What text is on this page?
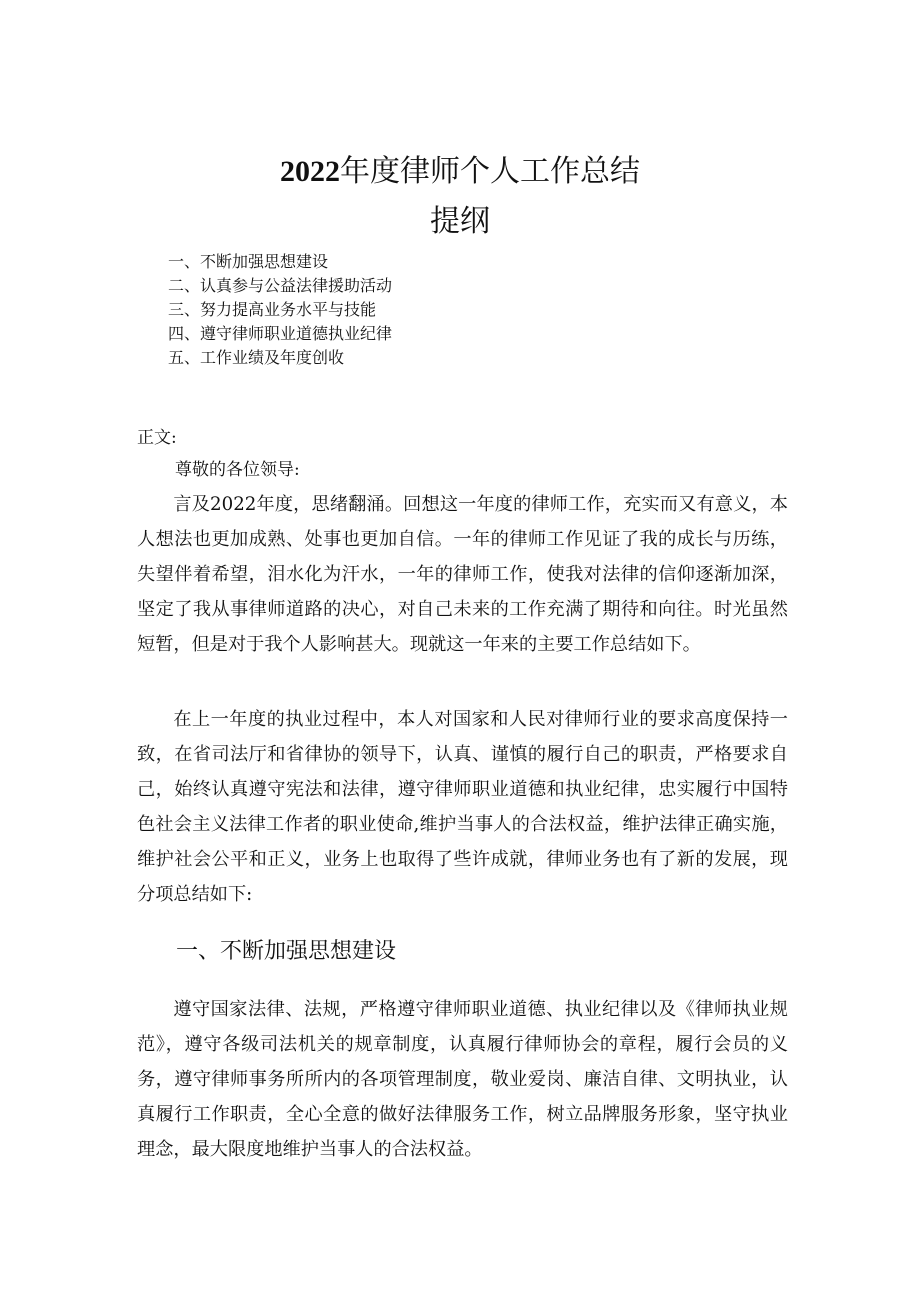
2022年度律师个人工作总结
提纲
一、不断加强思想建设
二、认真参与公益法律援助活动
三、努力提高业务水平与技能
四、遵守律师职业道德执业纪律
五、工作业绩及年度创收
正文:
尊敬的各位领导:

言及2022年度，思绪翻涌。回想这一年度的律师工作，充实而又有意义，本人想法也更加成熟、处事也更加自信。一年的律师工作见证了我的成长与历练，失望伴着希望，泪水化为汗水，一年的律师工作，使我对法律的信仰逐渐加深，坚定了我从事律师道路的决心，对自己未来的工作充满了期待和向往。时光虽然短暂，但是对于我个人影响甚大。现就这一年来的主要工作总结如下。

在上一年度的执业过程中，本人对国家和人民对律师行业的要求高度保持一致，在省司法厅和省律协的领导下，认真、谨慎的履行自己的职责，严格要求自己，始终认真遵守宪法和法律，遵守律师职业道德和执业纪律，忠实履行中国特色社会主义法律工作者的职业使命,维护当事人的合法权益，维护法律正确实施，维护社会公平和正义，业务上也取得了些许成就，律师业务也有了新的发展，现分项总结如下:

一、不断加强思想建设

遵守国家法律、法规，严格遵守律师职业道德、执业纪律以及《律师执业规范》，遵守各级司法机关的规章制度，认真履行律师协会的章程，履行会员的义务，遵守律师事务所所内的各项管理制度，敬业爱岗、廉洁自律、文明执业，认真履行工作职责，全心全意的做好法律服务工作，树立品牌服务形象，坚守执业理念，最大限度地维护当事人的合法权益。
